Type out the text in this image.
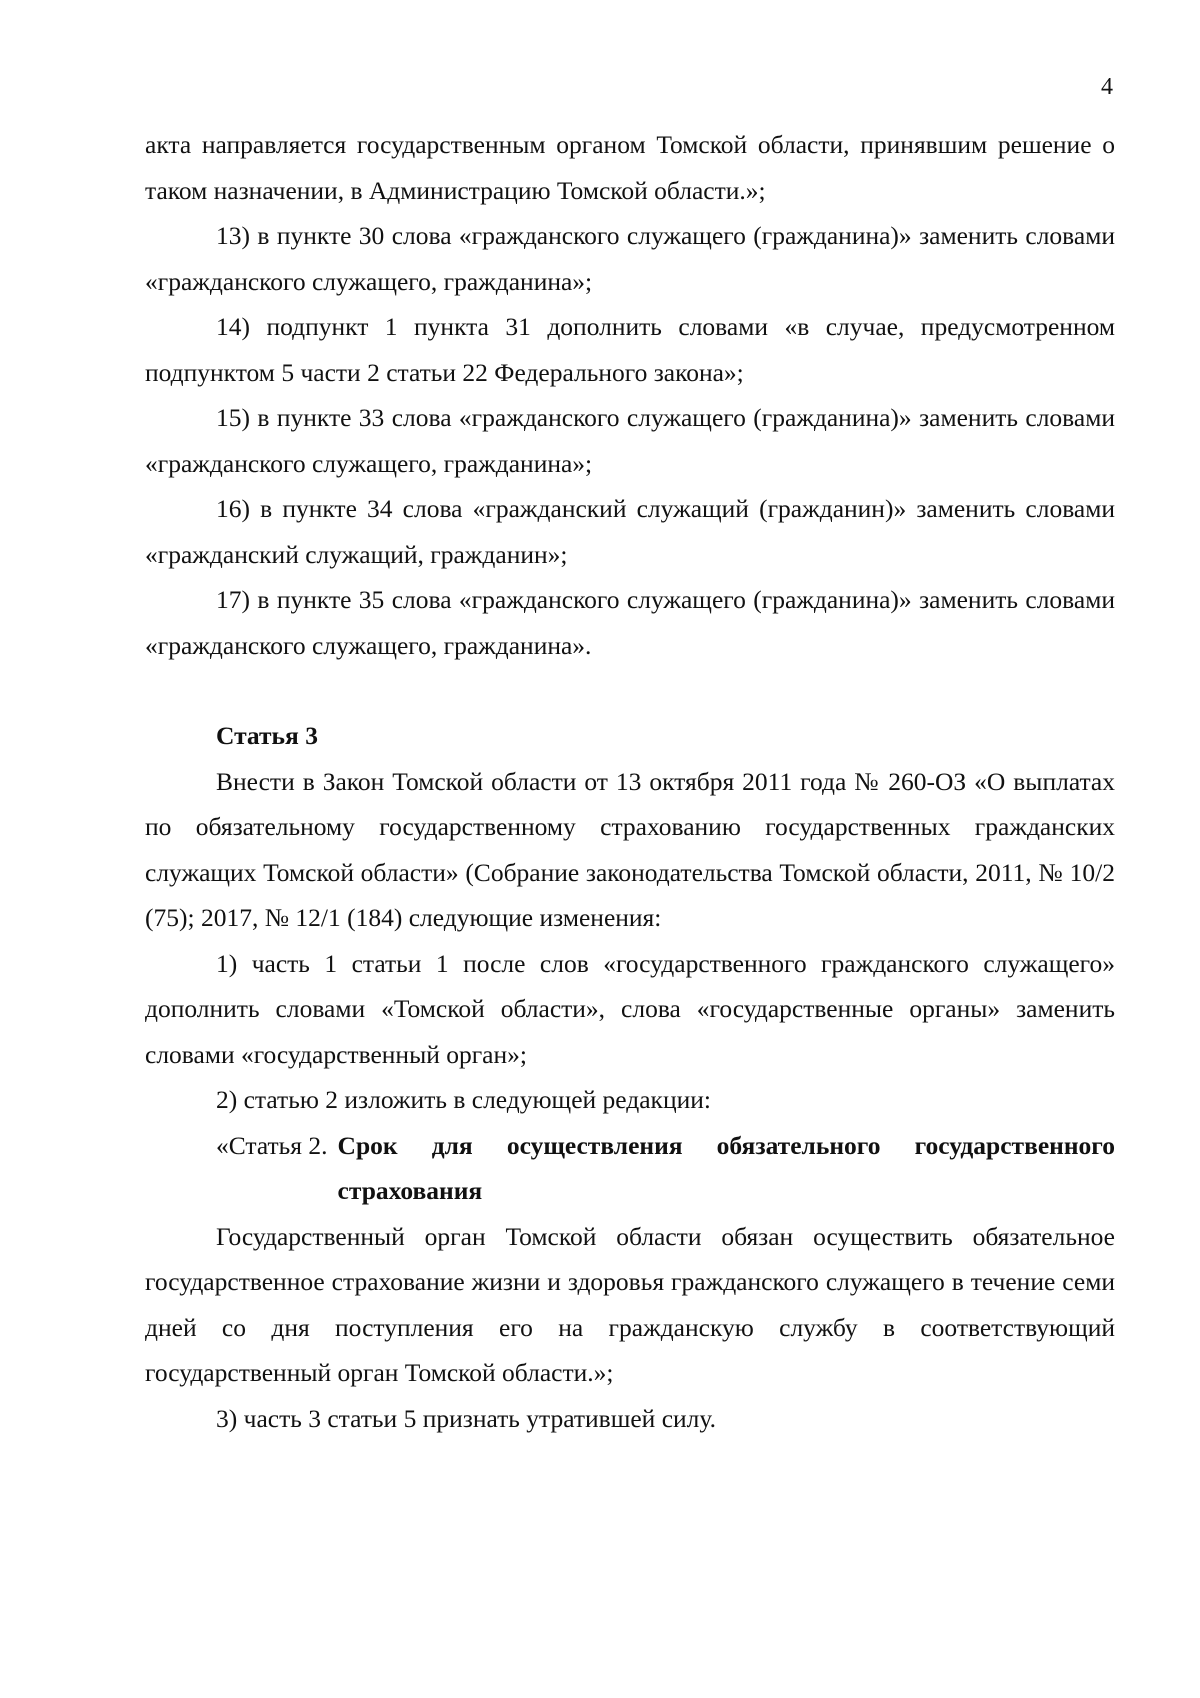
4

акта направляется государственным органом Томской области, принявшим решение о таком назначении, в Администрацию Томской области.»;

13) в пункте 30 слова «гражданского служащего (гражданина)» заменить словами «гражданского служащего, гражданина»;

14) подпункт 1 пункта 31 дополнить словами «в случае, предусмотренном подпунктом 5 части 2 статьи 22 Федерального закона»;

15) в пункте 33 слова «гражданского служащего (гражданина)» заменить словами «гражданского служащего, гражданина»;

16) в пункте 34 слова «гражданский служащий (гражданин)» заменить словами «гражданский служащий, гражданин»;

17) в пункте 35 слова «гражданского служащего (гражданина)» заменить словами «гражданского служащего, гражданина».

Статья 3

Внести в Закон Томской области от 13 октября 2011 года № 260-ОЗ «О выплатах по обязательному государственному страхованию государственных гражданских служащих Томской области» (Собрание законодательства Томской области, 2011, № 10/2 (75); 2017, № 12/1 (184) следующие изменения:

1) часть 1 статьи 1 после слов «государственного гражданского служащего» дополнить словами «Томской области», слова «государственные органы» заменить словами «государственный орган»;

2) статью 2 изложить в следующей редакции:

«Статья 2. Срок для осуществления обязательного государственного
страхования

Государственный орган Томской области обязан осуществить обязательное государственное страхование жизни и здоровья гражданского служащего в течение семи дней со дня поступления его на гражданскую службу в соответствующий государственный орган Томской области.»;

3) часть 3 статьи 5 признать утратившей силу.
